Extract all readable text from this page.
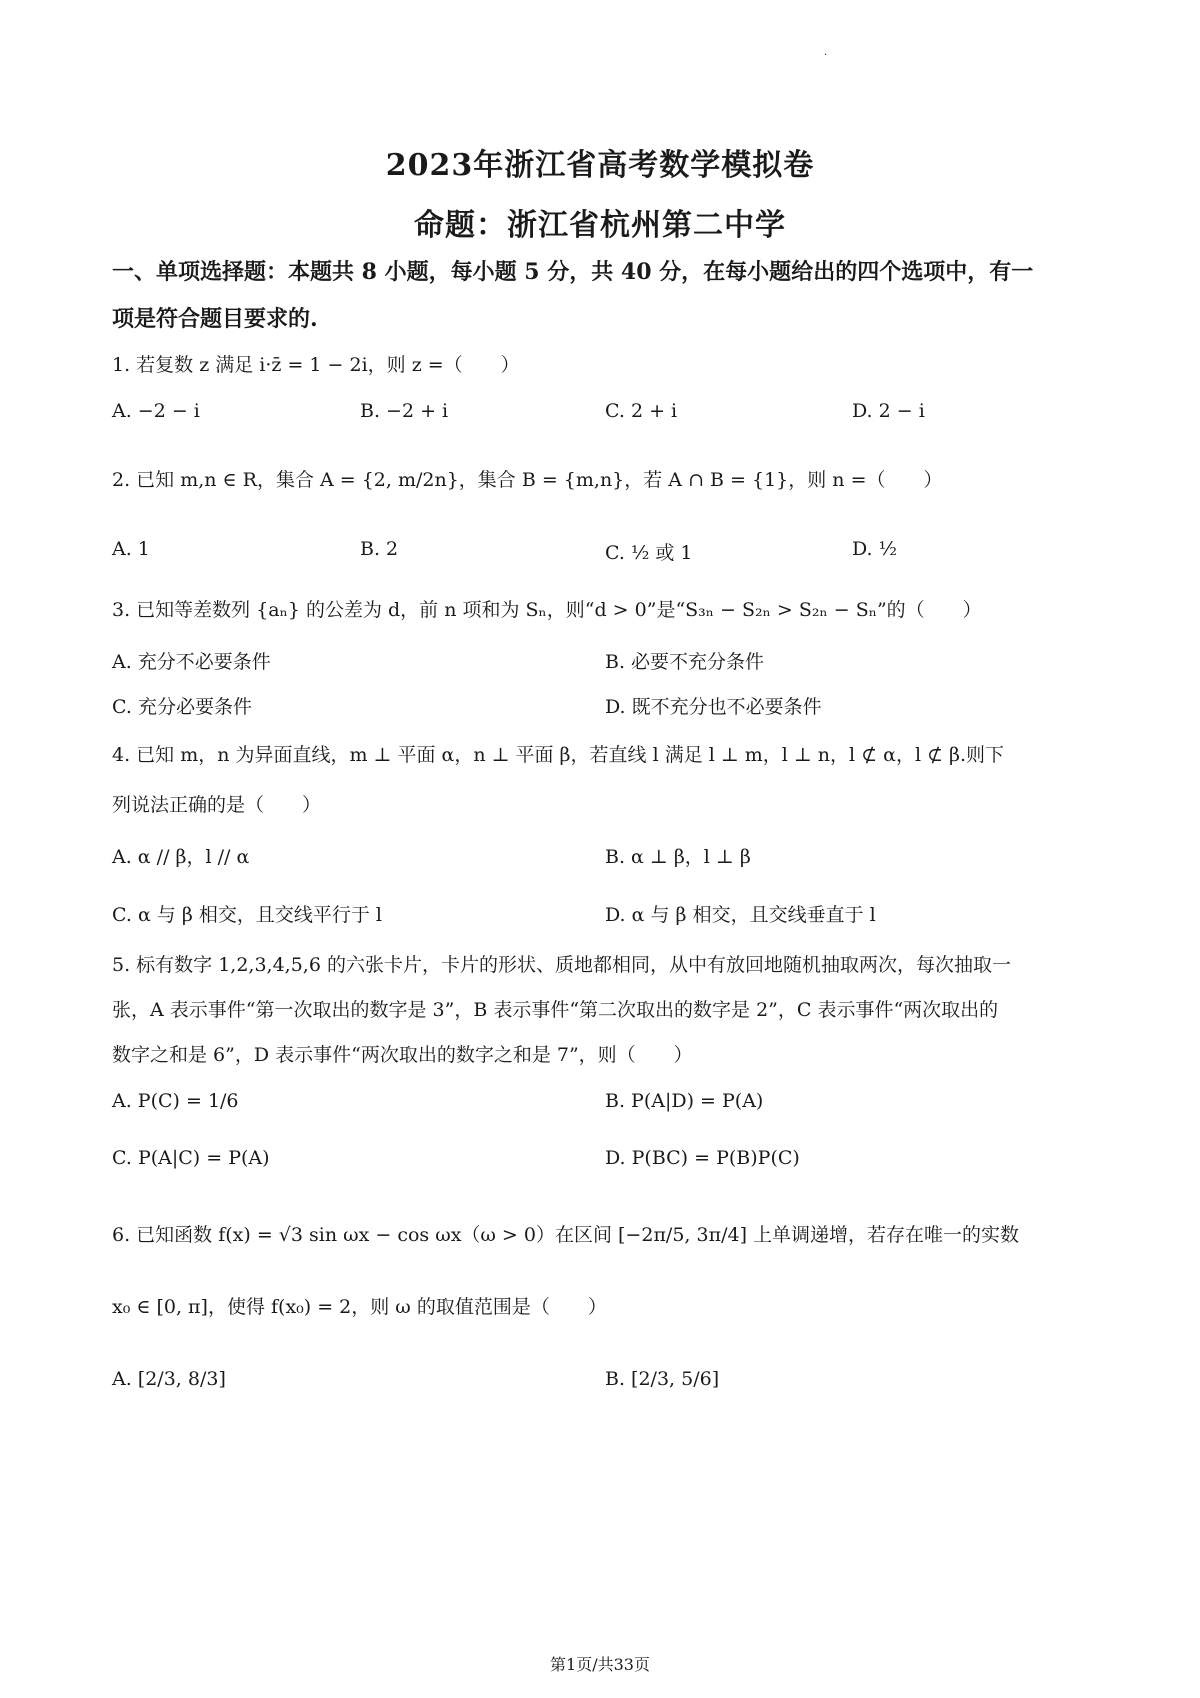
·
2023年浙江省高考数学模拟卷
命题：浙江省杭州第二中学
一、单项选择题：本题共 8 小题，每小题 5 分，共 40 分，在每小题给出的四个选项中，有一
项是符合题目要求的.
1. 若复数 z 满足 i·z̄ = 1 − 2i，则 z =（　　）
A. −2 − i	B. −2 + i	C. 2 + i	D. 2 − i
2. 已知 m,n ∈ R，集合 A = {2, m/2n}，集合 B = {m,n}，若 A ∩ B = {1}，则 n =（　　）
A. 1	B. 2	C. ½ 或 1	D. ½
3. 已知等差数列 {aₙ} 的公差为 d，前 n 项和为 Sₙ，则“d > 0”是“S₃ₙ − S₂ₙ > S₂ₙ − Sₙ”的（　　）
A. 充分不必要条件	B. 必要不充分条件
C. 充分必要条件	D. 既不充分也不必要条件
4. 已知 m，n 为异面直线，m ⊥ 平面 α，n ⊥ 平面 β，若直线 l 满足 l ⊥ m，l ⊥ n，l ⊄ α，l ⊄ β.则下
列说法正确的是（　　）
A. α // β，l // α	B. α ⊥ β，l ⊥ β
C. α 与 β 相交，且交线平行于 l	D. α 与 β 相交，且交线垂直于 l
5. 标有数字 1,2,3,4,5,6 的六张卡片，卡片的形状、质地都相同，从中有放回地随机抽取两次，每次抽取一
张，A 表示事件“第一次取出的数字是 3”，B 表示事件“第二次取出的数字是 2”，C 表示事件“两次取出的
数字之和是 6”，D 表示事件“两次取出的数字之和是 7”，则（　　）
A. P(C) = 1/6	B. P(A|D) = P(A)
C. P(A|C) = P(A)	D. P(BC) = P(B)P(C)
6. 已知函数 f(x) = √3 sin ωx − cos ωx（ω > 0）在区间 [−2π/5, 3π/4] 上单调递增，若存在唯一的实数
x₀ ∈ [0, π]，使得 f(x₀) = 2，则 ω 的取值范围是（　　）
A. [2/3, 8/3]	B. [2/3, 5/6]
第1页/共33页
